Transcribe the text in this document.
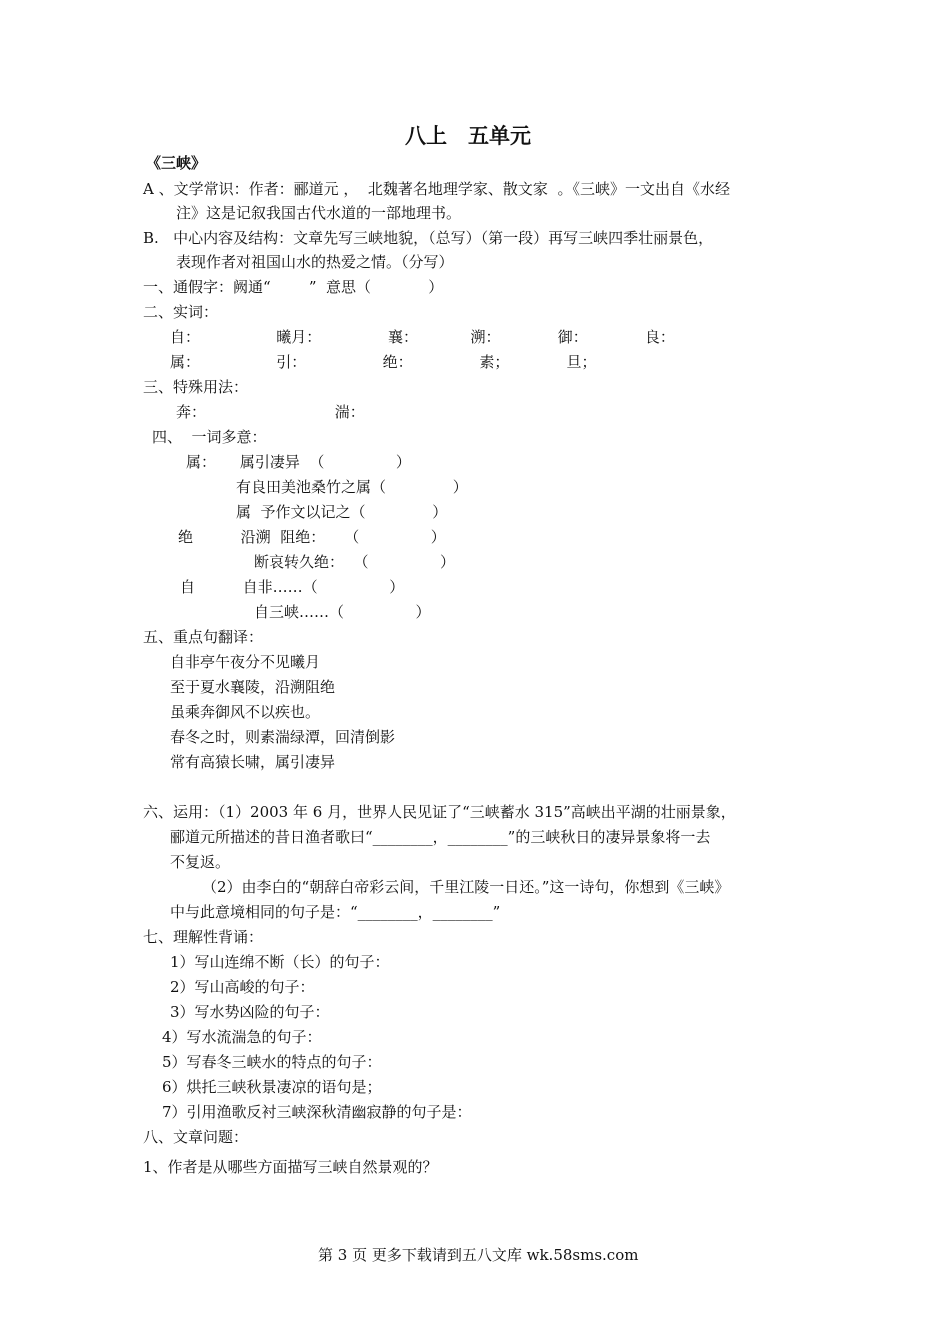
八上　五单元
《三峡》
A 、文学常识：作者：郦道元 ，  北魏著名地理学家、散文家  。《三峡》一文出自《水经
注》这是记叙我国古代水道的一部地理书。
B.   中心内容及结构：文章先写三峡地貌，（总写）（第一段）再写三峡四季壮丽景色，
表现作者对祖国山水的热爱之情。（分写）
一、通假字：阙通“        ”  意思（            ）
二、实词：
自：                曦月：              襄：           溯：            御：            良：
属：                引：                绝：              素；            旦；
三、特殊用法：
奔：                           湍：
四、  一词多意：
属：     属引凄异  （               ）
有良田美池桑竹之属（              ）
属  予作文以记之（              ）
绝          沿溯  阻绝：    （               ）
断哀转久绝：  （               ）
自          自非……（               ）
自三峡……（               ）
五、重点句翻译：
自非亭午夜分不见曦月
至于夏水襄陵，沿溯阻绝
虽乘奔御风不以疾也。
春冬之时，则素湍绿潭，回清倒影
常有高猿长啸，属引凄异
六、运用：（1）2003 年 6 月，世界人民见证了“三峡蓄水 315”高峡出平湖的壮丽景象，
郦道元所描述的昔日渔者歌曰“________，________”的三峡秋日的凄异景象将一去
不复返。
（2）由李白的“朝辞白帝彩云间，千里江陵一日还。”这一诗句，你想到《三峡》
中与此意境相同的句子是：“________，________”
七、理解性背诵：
1）写山连绵不断（长）的句子：
2）写山高峻的句子：
3）写水势凶险的句子：
4）写水流湍急的句子：
5）写春冬三峡水的特点的句子：
6）烘托三峡秋景凄凉的语句是；
7）引用渔歌反衬三峡深秋清幽寂静的句子是：
八、文章问题：
1、作者是从哪些方面描写三峡自然景观的？
第 3 页 更多下载请到五八文库 wk.58sms.com
